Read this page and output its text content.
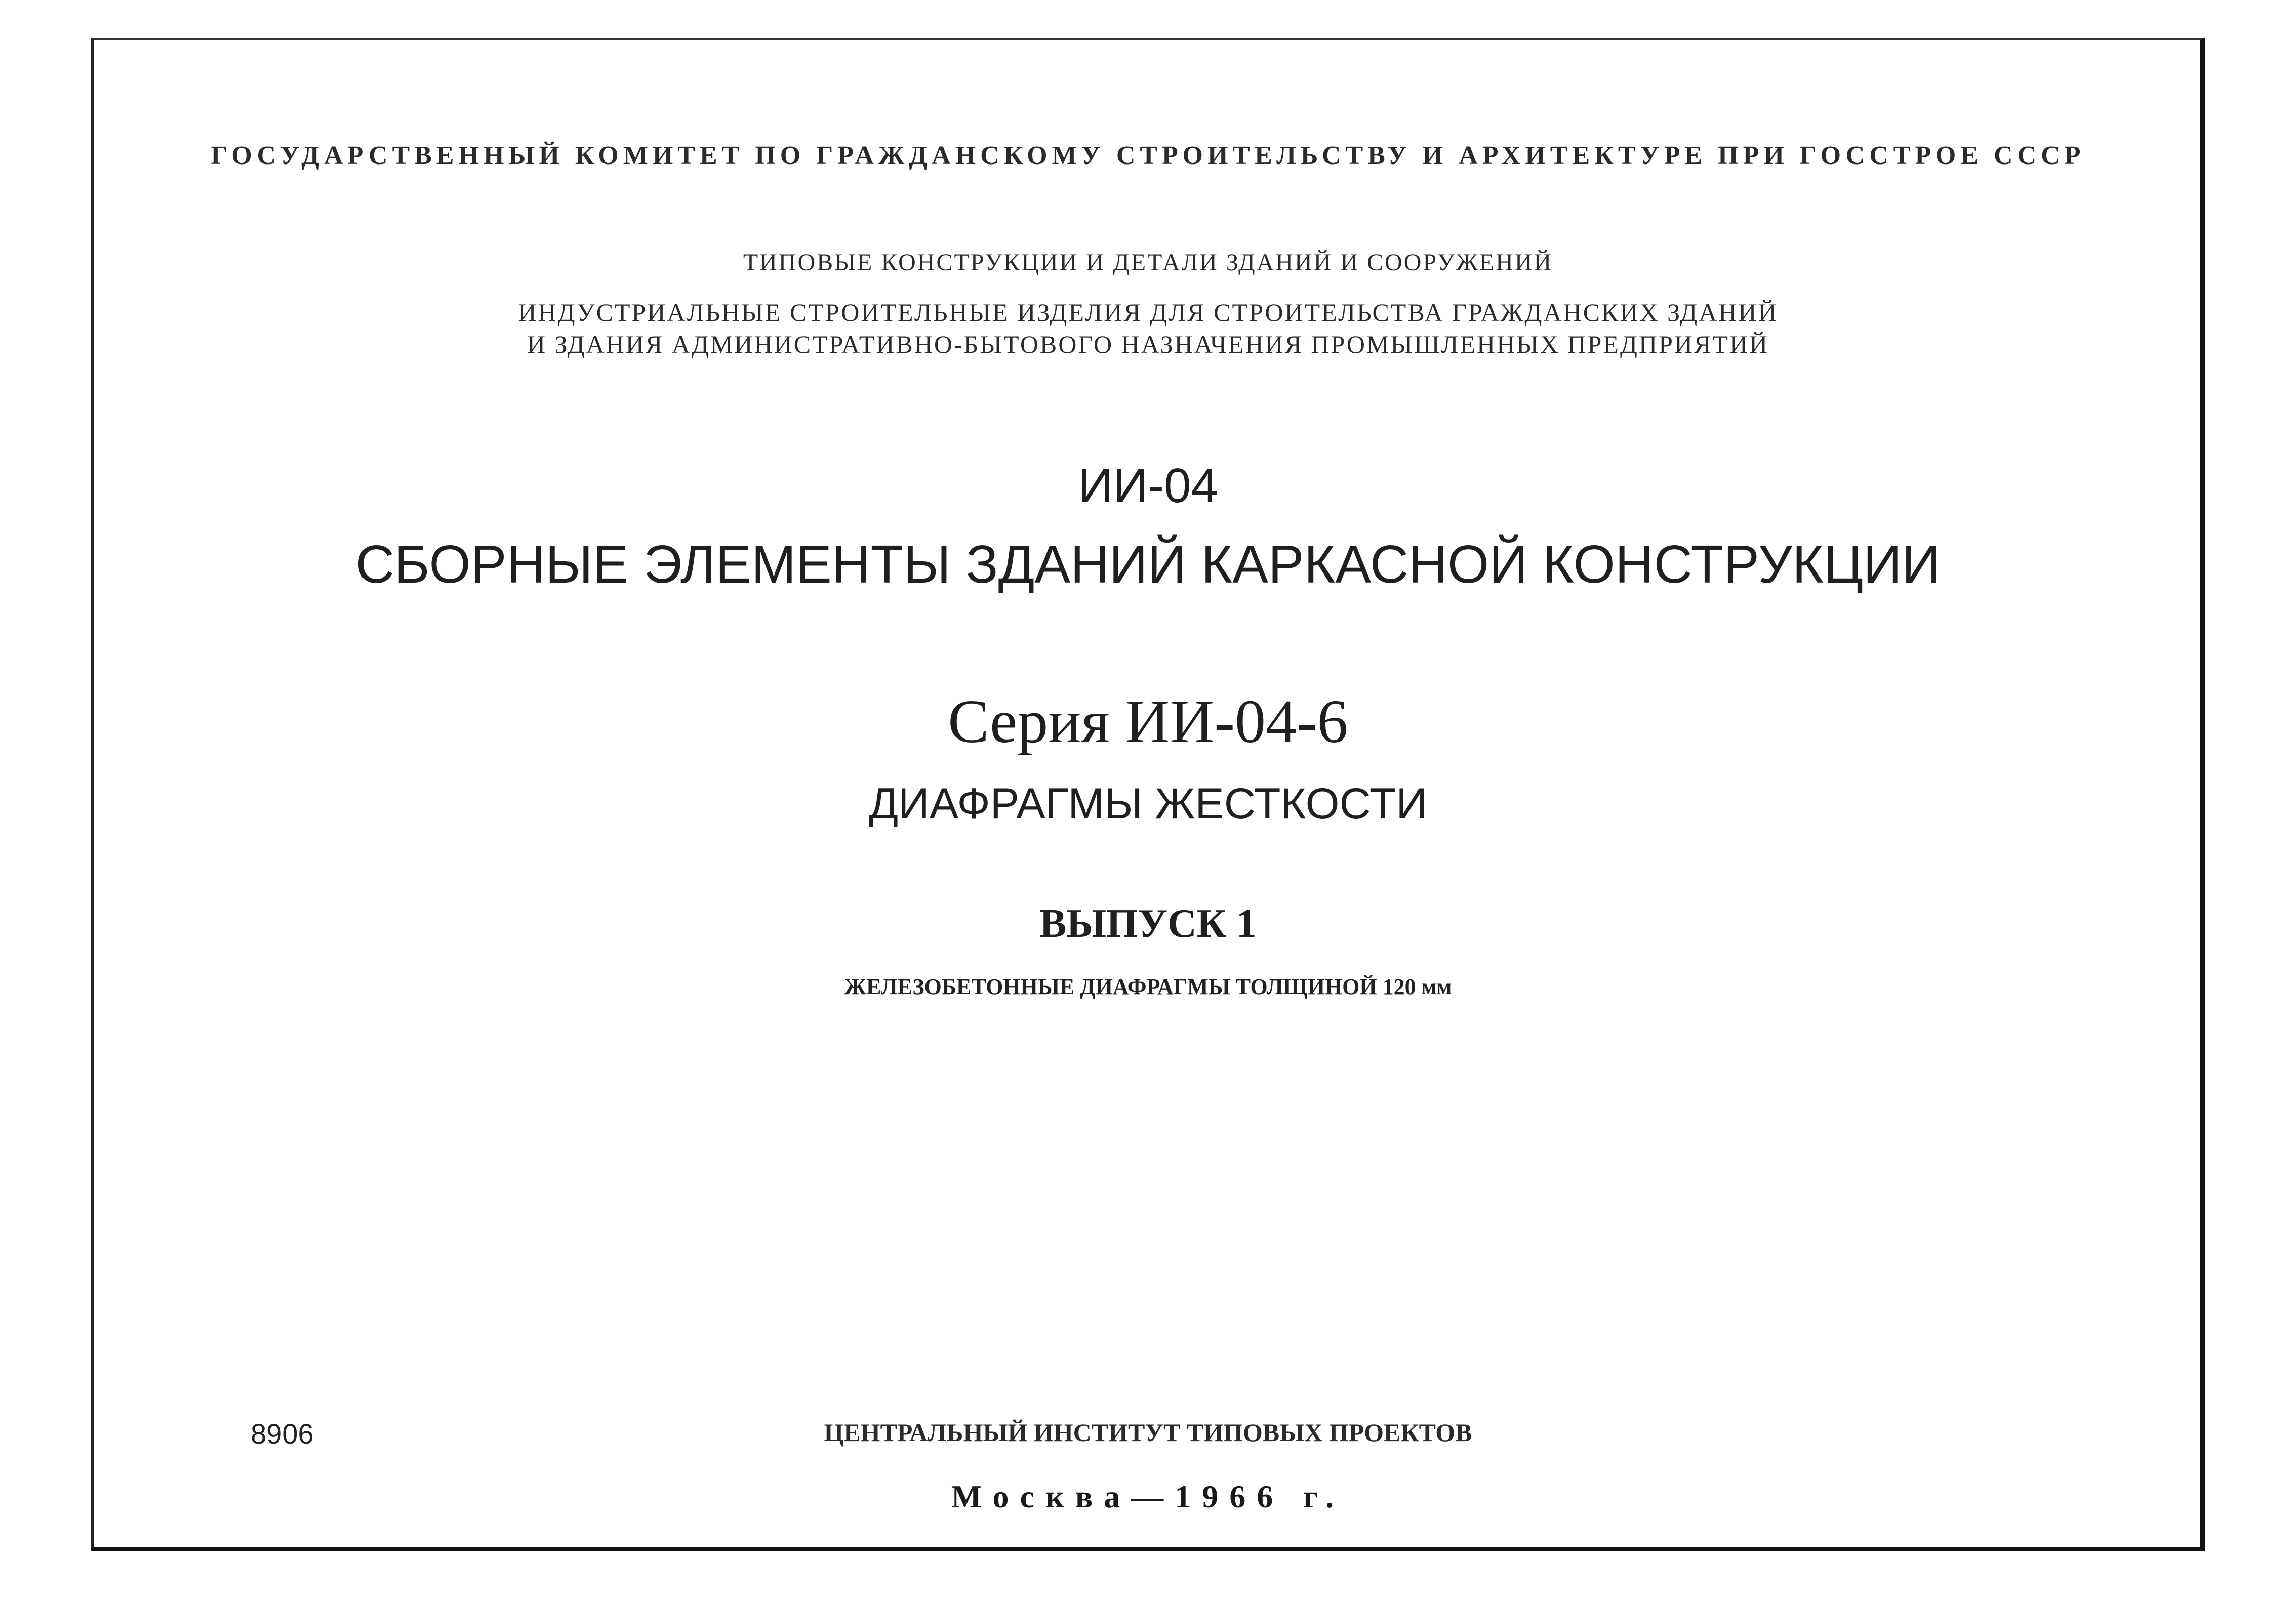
ГОСУДАРСТВЕННЫЙ КОМИТЕТ ПО ГРАЖДАНСКОМУ СТРОИТЕЛЬСТВУ И АРХИТЕКТУРЕ ПРИ ГОССТРОЕ СССР
ТИПОВЫЕ КОНСТРУКЦИИ И ДЕТАЛИ ЗДАНИЙ И СООРУЖЕНИЙ
ИНДУСТРИАЛЬНЫЕ СТРОИТЕЛЬНЫЕ ИЗДЕЛИЯ ДЛЯ СТРОИТЕЛЬСТВА ГРАЖДАНСКИХ ЗДАНИЙ
И ЗДАНИЯ АДМИНИСТРАТИВНО-БЫТОВОГО НАЗНАЧЕНИЯ ПРОМЫШЛЕННЫХ ПРЕДПРИЯТИЙ
ИИ-04
СБОРНЫЕ ЭЛЕМЕНТЫ ЗДАНИЙ КАРКАСНОЙ КОНСТРУКЦИИ
Серия ИИ-04-6
ДИАФРАГМЫ ЖЕСТКОСТИ
ВЫПУСК 1
ЖЕЛЕЗОБЕТОННЫЕ ДИАФРАГМЫ ТОЛЩИНОЙ 120 мм
8906	ЦЕНТРАЛЬНЫЙ ИНСТИТУТ ТИПОВЫХ ПРОЕКТОВ
Москва—1966 г.
